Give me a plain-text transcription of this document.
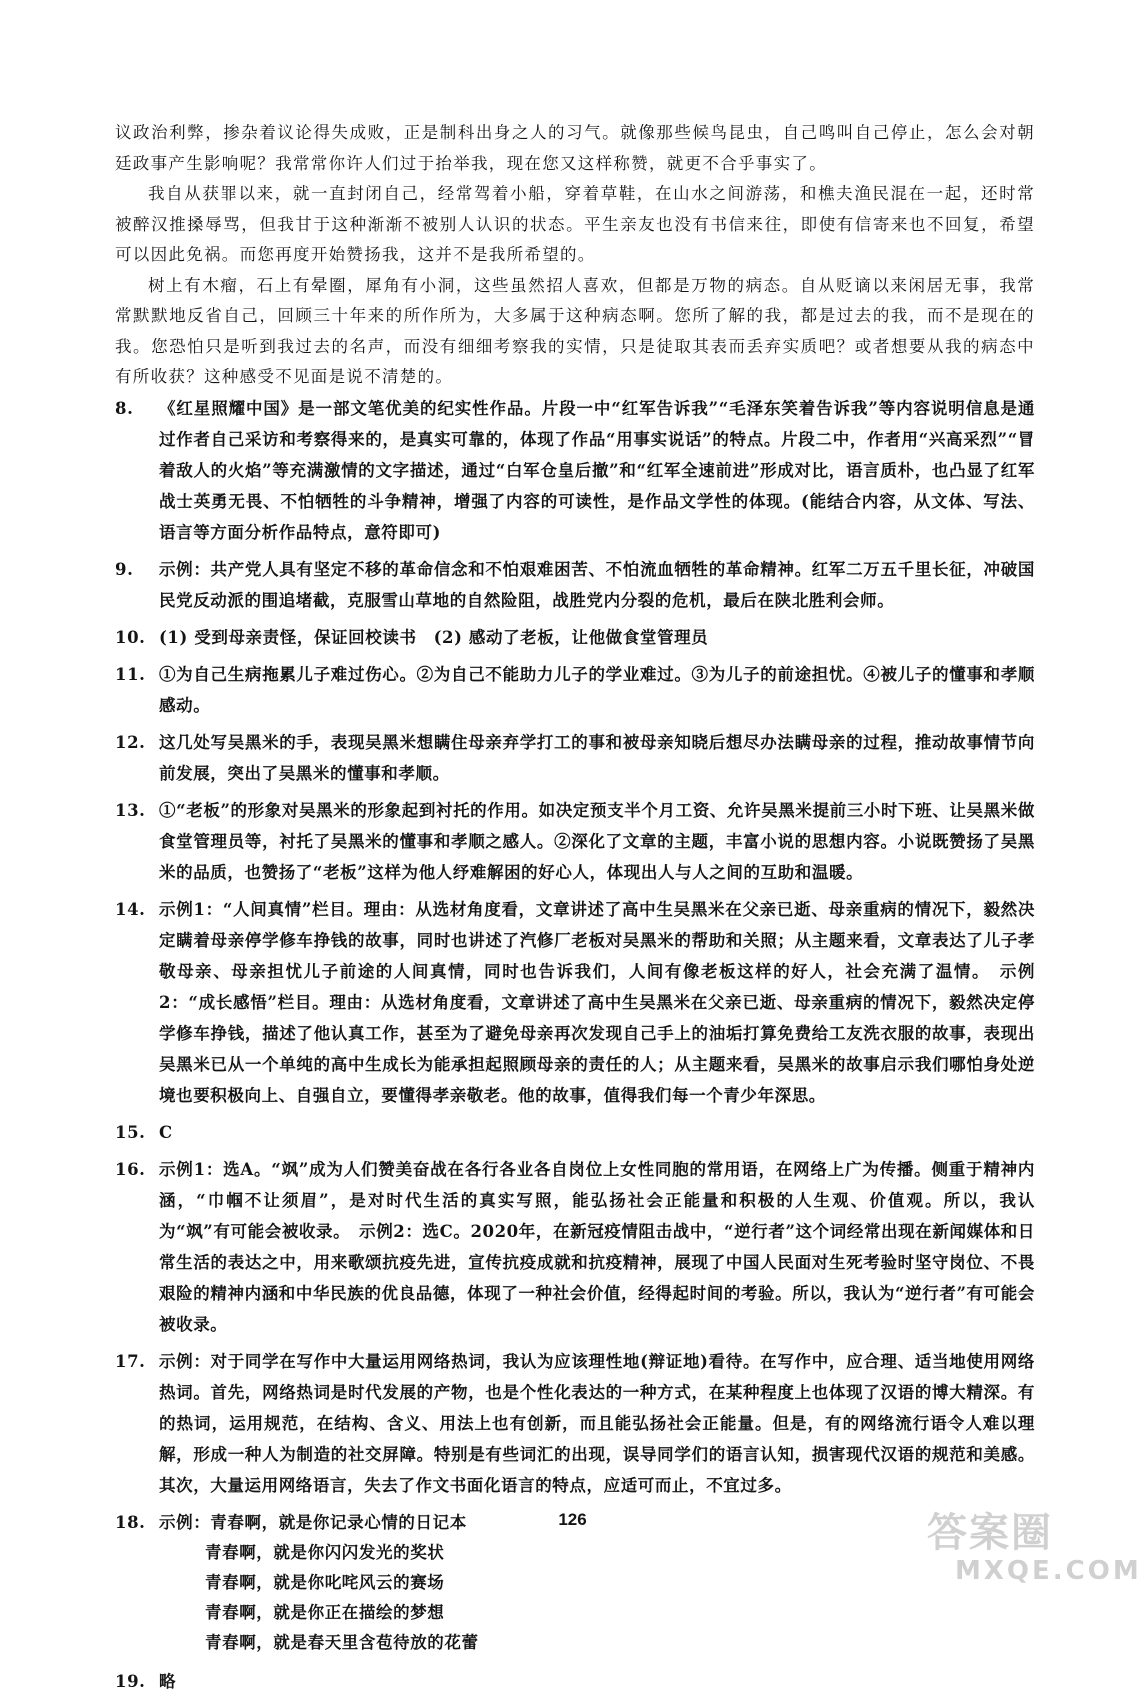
议政治利弊，掺杂着议论得失成败，正是制科出身之人的习气。就像那些候鸟昆虫，自己鸣叫自己停止，怎么会对朝廷政事产生影响呢？我常常你许人们过于抬举我，现在您又这样称赞，就更不合乎事实了。

我自从获罪以来，就一直封闭自己，经常驾着小船，穿着草鞋，在山水之间游荡，和樵夫渔民混在一起，还时常被醉汉推搡辱骂，但我甘于这种渐渐不被别人认识的状态。平生亲友也没有书信来往，即使有信寄来也不回复，希望可以因此免祸。而您再度开始赞扬我，这并不是我所希望的。

树上有木瘤，石上有晕圈，犀角有小洞，这些虽然招人喜欢，但都是万物的病态。自从贬谪以来闲居无事，我常常默默地反省自己，回顾三十年来的所作所为，大多属于这种病态啊。您所了解的我，都是过去的我，而不是现在的我。您恐怕只是听到我过去的名声，而没有细细考察我的实情，只是徒取其表而丢弃实质吧？或者想要从我的病态中有所收获？这种感受不见面是说不清楚的。

8.	《红星照耀中国》是一部文笔优美的纪实性作品。片段一中“红军告诉我”“毛泽东笑着告诉我”等内容说明信息是通过作者自己采访和考察得来的，是真实可靠的，体现了作品“用事实说话”的特点。片段二中，作者用“兴高采烈”“冒着敌人的火焰”等充满激情的文字描述，通过“白军仓皇后撤”和“红军全速前进”形成对比，语言质朴，也凸显了红军战士英勇无畏、不怕牺牲的斗争精神，增强了内容的可读性，是作品文学性的体现。(能结合内容，从文体、写法、语言等方面分析作品特点，意符即可)
9.	示例：共产党人具有坚定不移的革命信念和不怕艰难困苦、不怕流血牺牲的革命精神。红军二万五千里长征，冲破国民党反动派的围追堵截，克服雪山草地的自然险阻，战胜党内分裂的危机，最后在陕北胜利会师。
10. (1) 受到母亲责怪，保证回校读书　(2) 感动了老板，让他做食堂管理员
11. ①为自己生病拖累儿子难过伤心。②为自己不能助力儿子的学业难过。③为儿子的前途担忧。④被儿子的懂事和孝顺感动。
12. 这几处写吴黑米的手，表现吴黑米想瞒住母亲弃学打工的事和被母亲知晓后想尽办法瞒母亲的过程，推动故事情节向前发展，突出了吴黑米的懂事和孝顺。
13. ①“老板”的形象对吴黑米的形象起到衬托的作用。如决定预支半个月工资、允许吴黑米提前三小时下班、让吴黑米做食堂管理员等，衬托了吴黑米的懂事和孝顺之感人。②深化了文章的主题，丰富小说的思想内容。小说既赞扬了吴黑米的品质，也赞扬了“老板”这样为他人纾难解困的好心人，体现出人与人之间的互助和温暖。
14. 示例1：“人间真情”栏目。理由：从选材角度看，文章讲述了高中生吴黑米在父亲已逝、母亲重病的情况下，毅然决定瞒着母亲停学修车挣钱的故事，同时也讲述了汽修厂老板对吴黑米的帮助和关照；从主题来看，文章表达了儿子孝敬母亲、母亲担忧儿子前途的人间真情，同时也告诉我们，人间有像老板这样的好人，社会充满了温情。　示例2：“成长感悟”栏目。理由：从选材角度看，文章讲述了高中生吴黑米在父亲已逝、母亲重病的情况下，毅然决定停学修车挣钱，描述了他认真工作，甚至为了避免母亲再次发现自己手上的油垢打算免费给工友洗衣服的故事，表现出吴黑米已从一个单纯的高中生成长为能承担起照顾母亲的责任的人；从主题来看，吴黑米的故事启示我们哪怕身处逆境也要积极向上、自强自立，要懂得孝亲敬老。他的故事，值得我们每一个青少年深思。
15. C
16. 示例1：选A。“飒”成为人们赞美奋战在各行各业各自岗位上女性同胞的常用语，在网络上广为传播。侧重于精神内涵，“巾帼不让须眉”，是对时代生活的真实写照，能弘扬社会正能量和积极的人生观、价值观。所以，我认为“飒”有可能会被收录。　示例2：选C。2020年，在新冠疫情阻击战中，“逆行者”这个词经常出现在新闻媒体和日常生活的表达之中，用来歌颂抗疫先进，宣传抗疫成就和抗疫精神，展现了中国人民面对生死考验时坚守岗位、不畏艰险的精神内涵和中华民族的优良品德，体现了一种社会价值，经得起时间的考验。所以，我认为“逆行者”有可能会被收录。
17. 示例：对于同学在写作中大量运用网络热词，我认为应该理性地(辩证地)看待。在写作中，应合理、适当地使用网络热词。首先，网络热词是时代发展的产物，也是个性化表达的一种方式，在某种程度上也体现了汉语的博大精深。有的热词，运用规范，在结构、含义、用法上也有创新，而且能弘扬社会正能量。但是，有的网络流行语令人难以理解，形成一种人为制造的社交屏障。特别是有些词汇的出现，误导同学们的语言认知，损害现代汉语的规范和美感。其次，大量运用网络语言，失去了作文书面化语言的特点，应适可而止，不宜过多。
18. 示例：青春啊，就是你记录心情的日记本
青春啊，就是你闪闪发光的奖状
青春啊，就是你叱咤风云的赛场
青春啊，就是你正在描绘的梦想
青春啊，就是春天里含苞待放的花蕾
19. 略
126	答案圈
MXQE.COM
